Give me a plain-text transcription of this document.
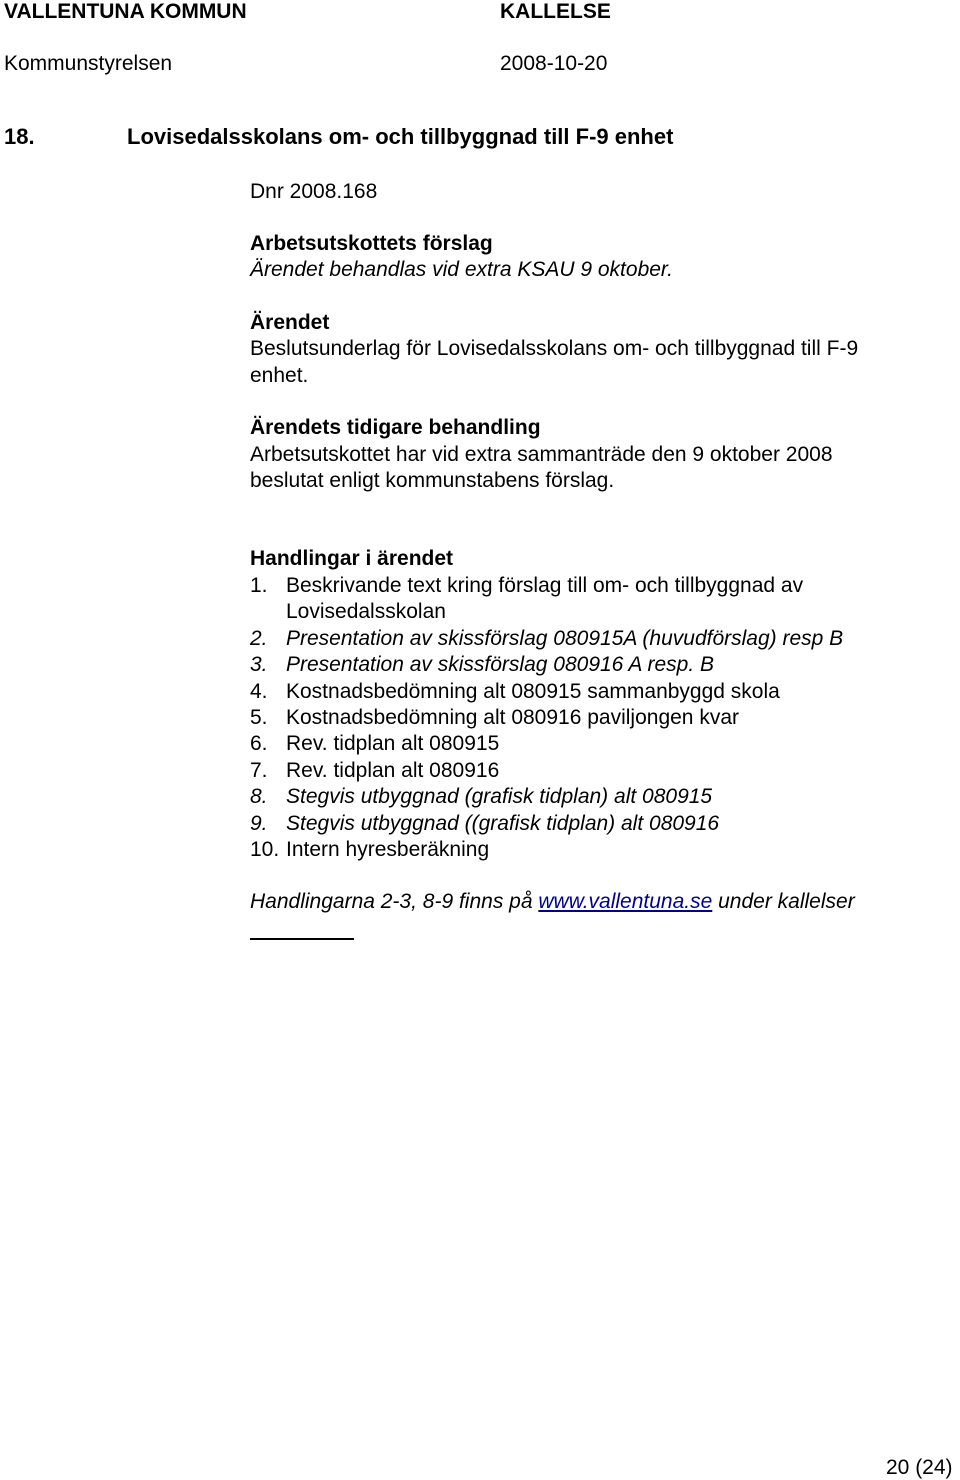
VALLENTUNA KOMMUN	KALLELSE
Kommunstyrelsen	2008-10-20
18.	Lovisedalsskolans om- och tillbyggnad till F-9 enhet
Dnr 2008.168
Arbetsutskottets förslag
Ärendet behandlas vid extra KSAU 9 oktober.
Ärendet
Beslutsunderlag för Lovisedalsskolans om- och tillbyggnad till F-9
enhet.
Ärendets tidigare behandling
Arbetsutskottet har vid extra sammanträde den 9 oktober 2008
beslutat enligt kommunstabens förslag.
Handlingar i ärendet
1. Beskrivande text kring förslag till om- och tillbyggnad av
Lovisedalsskolan
2. Presentation av skissförslag 080915A (huvudförslag) resp B
3. Presentation av skissförslag 080916 A resp. B
4. Kostnadsbedömning alt 080915 sammanbyggd skola
5. Kostnadsbedömning alt 080916 paviljongen kvar
6. Rev. tidplan alt 080915
7. Rev. tidplan alt 080916
8. Stegvis utbyggnad (grafisk tidplan) alt 080915
9. Stegvis utbyggnad ((grafisk tidplan) alt 080916
10. Intern hyresberäkning
Handlingarna 2-3, 8-9 finns på www.vallentuna.se under kallelser
20 (24)
